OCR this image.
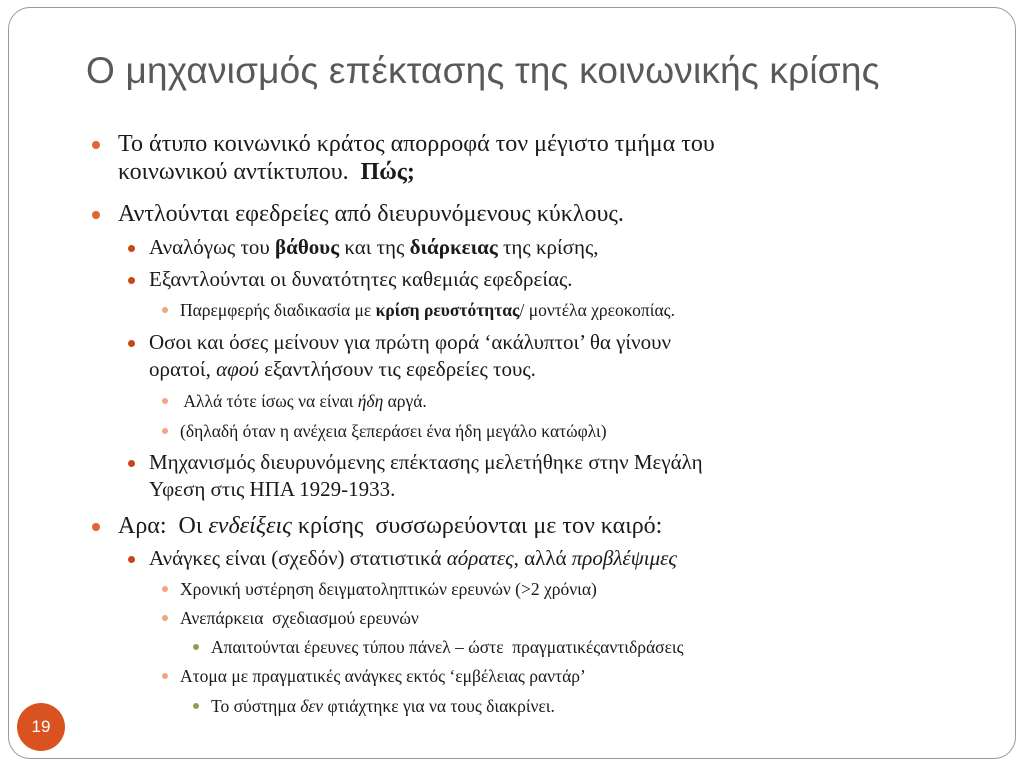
Ο μηχανισμός επέκτασης της κοινωνικής κρίσης
Το άτυπο κοινωνικό κράτος απορροφά τον μέγιστο τμήμα του
κοινωνικού αντίκτυπου.  Πώς;
Αντλούνται εφεδρείες από διευρυνόμενους κύκλους.
Αναλόγως του βάθους και της διάρκειας της κρίσης,
Εξαντλούνται οι δυνατότητες καθεμιάς εφεδρείας.
Παρεμφερής διαδικασία με κρίση ρευστότητας/ μοντέλα χρεοκοπίας.
Οσοι και όσες μείνουν για πρώτη φορά ‘ακάλυπτοι’ θα γίνουν
ορατοί, αφού εξαντλήσουν τις εφεδρείες τους.
Αλλά τότε ίσως να είναι ήδη αργά.
(δηλαδή όταν η ανέχεια ξεπεράσει ένα ήδη μεγάλο κατώφλι)
Μηχανισμός διευρυνόμενης επέκτασης μελετήθηκε στην Μεγάλη
Υφεση στις ΗΠΑ 1929-1933.
Αρα:  Οι ενδείξεις κρίσης  συσσωρεύονται με τον καιρό:
Ανάγκες είναι (σχεδόν) στατιστικά αόρατες, αλλά προβλέψιμες
Χρονική υστέρηση δειγματοληπτικών ερευνών (>2 χρόνια)
Ανεπάρκεια  σχεδιασμού ερευνών
Απαιτούνται έρευνες τύπου πάνελ – ώστε  πραγματικέςαντιδράσεις
Ατομα με πραγματικές ανάγκες εκτός ‘εμβέλειας ραντάρ’
Το σύστημα δεν φτιάχτηκε για να τους διακρίνει.
19
